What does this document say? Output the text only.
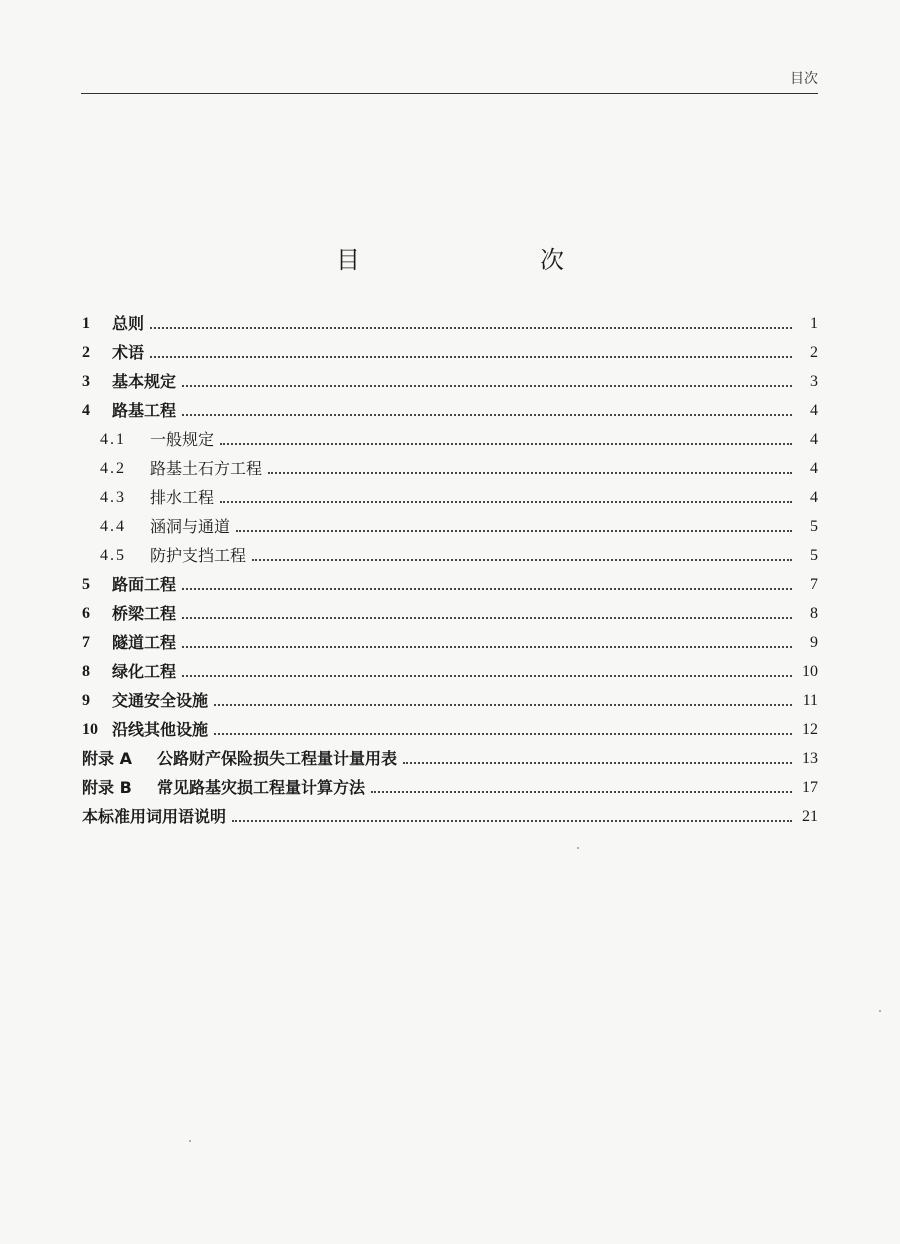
目次
目　　次
1	总则	1
2	术语	2
3	基本规定	3
4	路基工程	4
4.1	一般规定	4
4.2	路基土石方工程	4
4.3	排水工程	4
4.4	涵洞与通道	5
4.5	防护支挡工程	5
5	路面工程	7
6	桥梁工程	8
7	隧道工程	9
8	绿化工程	10
9	交通安全设施	11
10 沿线其他设施	12
附录 A	公路财产保险损失工程量计量用表	13
附录 B	常见路基灾损工程量计算方法	17
本标准用词用语说明	21
